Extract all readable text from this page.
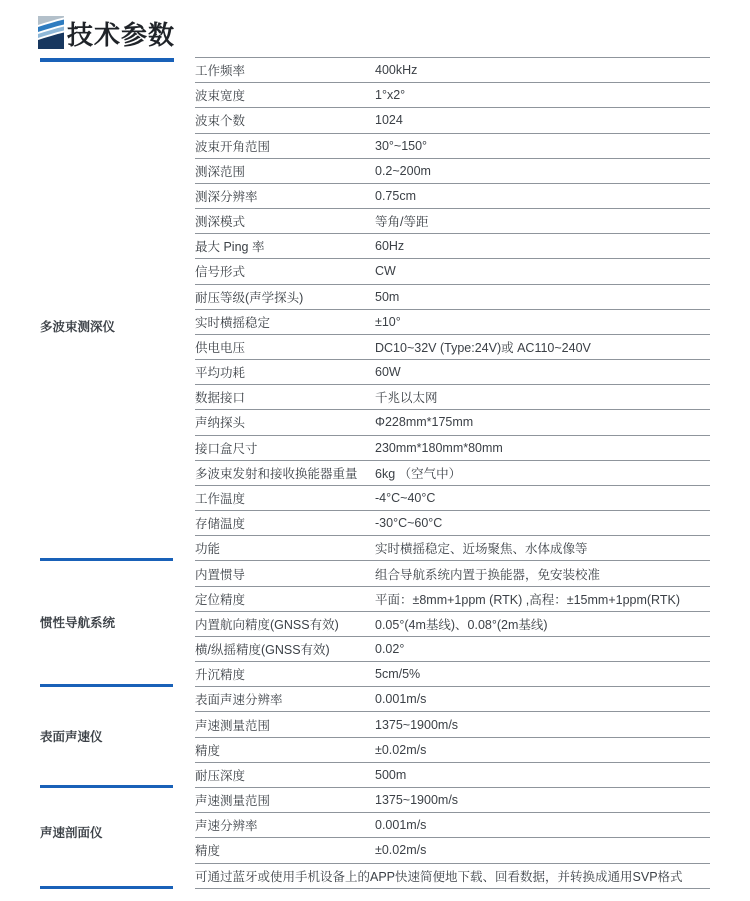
技术参数
多波束测深仪
惯性导航系统
表面声速仪
声速剖面仪
工作频率	400kHz
波束宽度	1°x2°
波束个数	1024
波束开角范围	30°~150°
测深范围	0.2~200m
测深分辨率	0.75cm
测深模式	等角/等距
最大 Ping 率	60Hz
信号形式	CW
耐压等级(声学探头)	50m
实时横摇稳定	±10°
供电电压	DC10~32V (Type:24V)或 AC110~240V
平均功耗	60W
数据接口	千兆以太网
声纳探头	Φ228mm*175mm
接口盒尺寸	230mm*180mm*80mm
多波束发射和接收换能器重量	6kg （空气中）
工作温度	-4°C~40°C
存储温度	-30°C~60°C
功能	实时横摇稳定、近场聚焦、水体成像等
内置惯导	组合导航系统内置于换能器，免安装校准
定位精度	平面：±8mm+1ppm (RTK) ,高程：±15mm+1ppm(RTK)
内置航向精度(GNSS有效)	0.05°(4m基线)、0.08°(2m基线)
横/纵摇精度(GNSS有效)	0.02°
升沉精度	5cm/5%
表面声速分辨率	0.001m/s
声速测量范围	1375~1900m/s
精度	±0.02m/s
耐压深度	500m
声速测量范围	1375~1900m/s
声速分辨率	0.001m/s
精度	±0.02m/s
可通过蓝牙或使用手机设备上的APP快速简便地下载、回看数据，并转换成通用SVP格式
